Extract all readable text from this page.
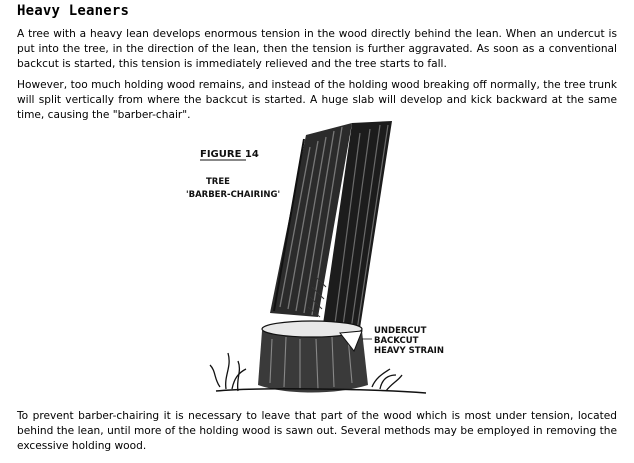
Heavy Leaners

A tree with a heavy lean develops enormous tension in the wood directly behind the lean. When an undercut is put into the tree, in the direction of the lean, then the tension is further aggravated. As soon as a conventional backcut is started, this tension is immediately relieved and the tree starts to fall.

However, too much holding wood remains, and instead of the holding wood breaking off normally, the tree trunk will split vertically from where the backcut is started. A huge slab will develop and kick backward at the same time, causing the "barber-chair".

FIGURE 14
TREE
'BARBER-CHAIRING'
UNDERCUT
BACKCUT
HEAVY STRAIN

To prevent barber-chairing it is necessary to leave that part of the wood which is most under tension, located behind the lean, until more of the holding wood is sawn out. Several methods may be employed in removing the excessive holding wood.
